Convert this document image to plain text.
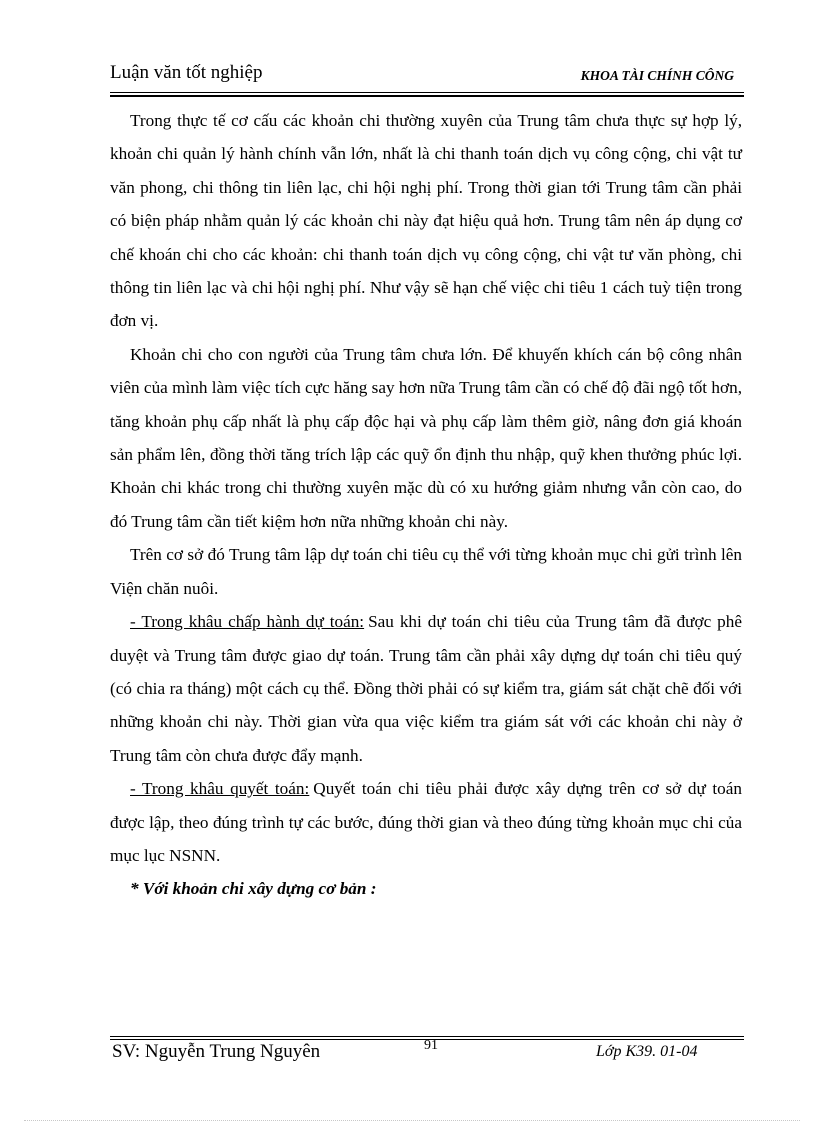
Luận văn tốt nghiệp	KHOA TÀI CHÍNH CÔNG

Trong thực tế cơ cấu các khoản chi thường xuyên của Trung tâm chưa thực sự hợp lý, khoản chi quản lý hành chính vẫn lớn, nhất là chi thanh toán dịch vụ công cộng, chi vật tư văn phong, chi thông tin liên lạc, chi hội nghị phí. Trong thời gian tới Trung tâm cần phải có biện pháp nhằm quản lý các khoản chi này đạt hiệu quả hơn. Trung tâm nên áp dụng cơ chế khoán chi cho các khoản: chi thanh toán dịch vụ công cộng, chi vật tư văn phòng, chi thông tin liên lạc và chi hội nghị phí. Như vậy sẽ hạn chế việc chi tiêu 1 cách tuỳ tiện trong đơn vị.

Khoản chi cho con người của Trung tâm chưa lớn. Để khuyến khích cán bộ công nhân viên của mình làm việc tích cực hăng say hơn nữa Trung tâm cần có chế độ đãi ngộ tốt hơn, tăng khoản phụ cấp nhất là phụ cấp độc hại và phụ cấp làm thêm giờ, nâng đơn giá khoán sản phẩm lên, đồng thời tăng trích lập các quỹ ổn định thu nhập, quỹ khen thưởng phúc lợi. Khoản chi khác trong chi thường xuyên mặc dù có xu hướng giảm nhưng vẫn còn cao, do đó Trung tâm cần tiết kiệm hơn nữa những khoản chi này.

Trên cơ sở đó Trung tâm lập dự toán chi tiêu cụ thể với từng khoản mục chi gửi trình lên Viện chăn nuôi.

- Trong khâu chấp hành dự toán: Sau khi dự toán chi tiêu của Trung tâm đã được phê duyệt và Trung tâm được giao dự toán. Trung tâm cần phải xây dựng dự toán chi tiêu quý (có chia ra tháng) một cách cụ thể. Đồng thời phải có sự kiểm tra, giám sát chặt chẽ đối với những khoản chi này. Thời gian vừa qua việc kiểm tra giám sát với các khoản chi này ở Trung tâm còn chưa được đẩy mạnh.

- Trong khâu quyết toán: Quyết toán chi tiêu phải được xây dựng trên cơ sở dự toán được lập, theo đúng trình tự các bước, đúng thời gian và theo đúng từng khoản mục chi của mục lục NSNN.

* Với khoản chi xây dựng cơ bản :

SV: Nguyễn Trung Nguyên	91	Lớp K39. 01-04
